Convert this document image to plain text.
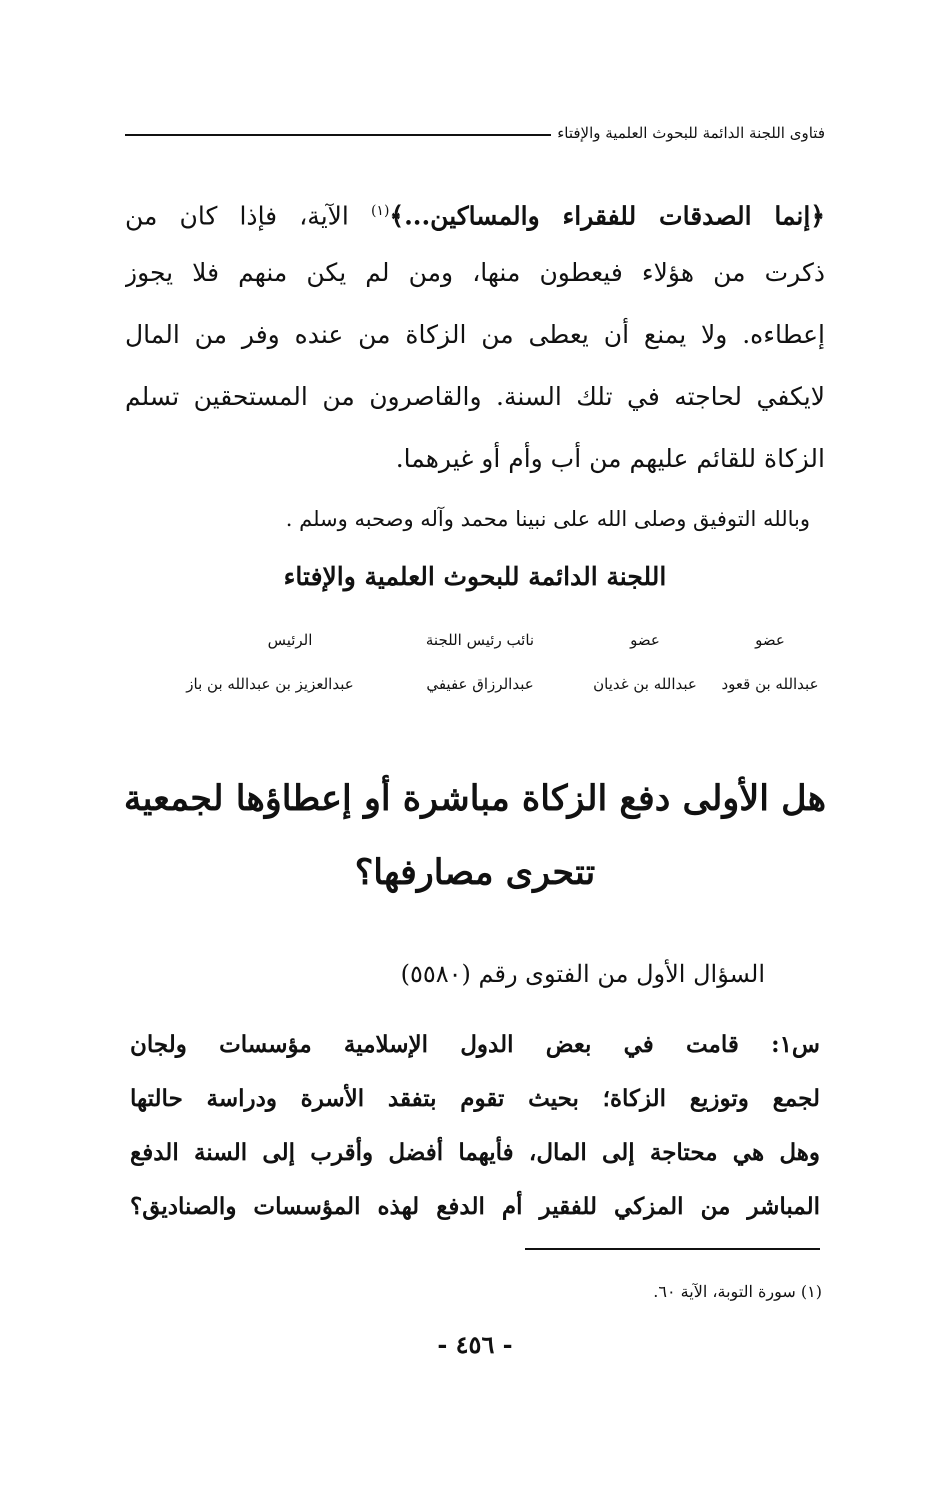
فتاوى اللجنة الدائمة للبحوث العلمية والإفتاء
﴿إنما الصدقات للفقراء والمساكين...﴾$^{(١)}$ الآية، فإذا كان من
ذكرت من هؤلاء فيعطون منها، ومن لم يكن منهم فلا يجوز
إعطاءه. ولا يمنع أن يعطى من الزكاة من عنده وفر من المال
لايكفي لحاجته في تلك السنة. والقاصرون من المستحقين تسلم
الزكاة للقائم عليهم من أب وأم أو غيرهما.
وبالله التوفيق وصلى الله على نبينا محمد وآله وصحبه وسلم .
اللجنة الدائمة للبحوث العلمية والإفتاء
عضو
عضو
نائب رئيس اللجنة
الرئيس
عبدالله بن قعود
عبدالله بن غديان
عبدالرزاق عفيفي
عبدالعزيز بن عبدالله بن باز
هل الأولى دفع الزكاة مباشرة أو إعطاؤها لجمعية
تتحرى مصارفها؟
السؤال الأول من الفتوى رقم (٥٥٨٠)
س١: قامت في بعض الدول الإسلامية مؤسسات ولجان
لجمع وتوزيع الزكاة؛ بحيث تقوم بتفقد الأسرة ودراسة حالتها
وهل هي محتاجة إلى المال، فأيهما أفضل وأقرب إلى السنة الدفع
المباشر من المزكي للفقير أم الدفع لهذه المؤسسات والصناديق؟
(١) سورة التوبة، الآية ٦٠.
- ٤٥٦ -
